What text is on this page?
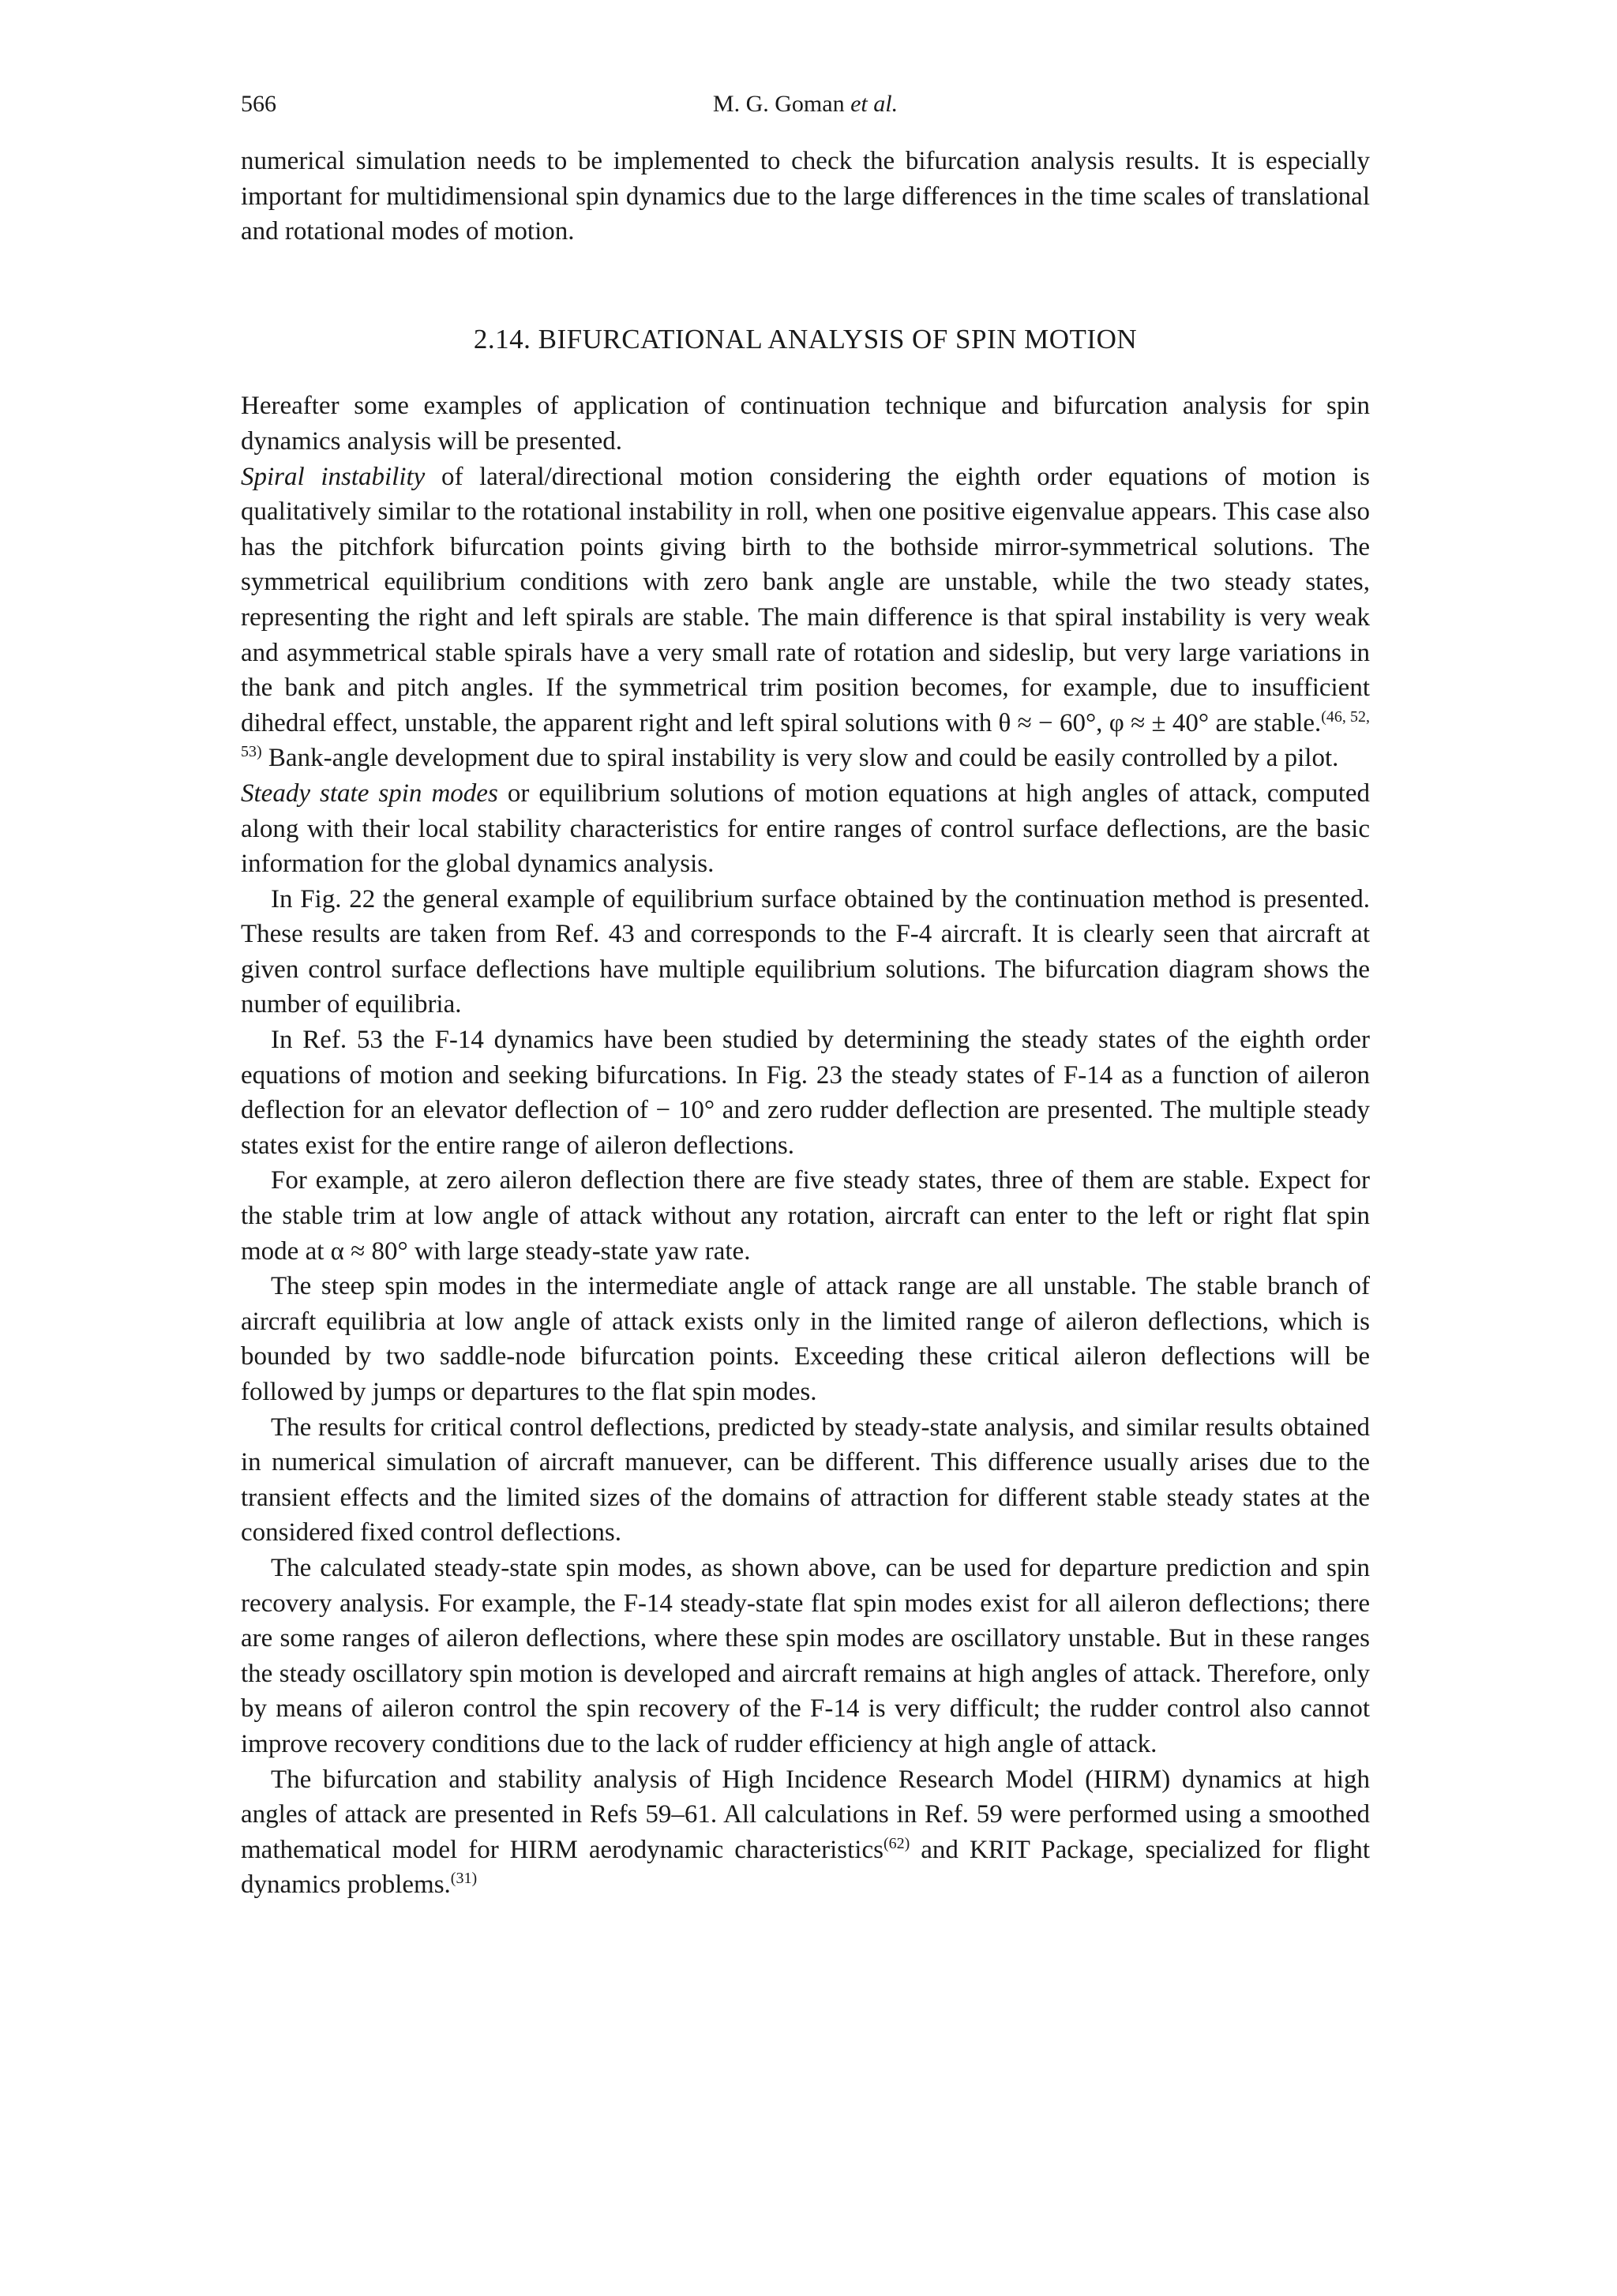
566	M. G. Goman et al.

numerical simulation needs to be implemented to check the bifurcation analysis results. It is especially important for multidimensional spin dynamics due to the large differences in the time scales of translational and rotational modes of motion.

2.14. BIFURCATIONAL ANALYSIS OF SPIN MOTION

Hereafter some examples of application of continuation technique and bifurcation analysis for spin dynamics analysis will be presented.

Spiral instability of lateral/directional motion considering the eighth order equations of motion is qualitatively similar to the rotational instability in roll, when one positive eigenvalue appears. This case also has the pitchfork bifurcation points giving birth to the bothside mirror-symmetrical solutions. The symmetrical equilibrium conditions with zero bank angle are unstable, while the two steady states, representing the right and left spirals are stable. The main difference is that spiral instability is very weak and asymmetrical stable spirals have a very small rate of rotation and sideslip, but very large variations in the bank and pitch angles. If the symmetrical trim position becomes, for example, due to insufficient dihedral effect, unstable, the apparent right and left spiral solutions with θ ≈ − 60°, φ ≈ ± 40° are stable.$^{(46, 52, 53)}$ Bank-angle development due to spiral instability is very slow and could be easily controlled by a pilot.

Steady state spin modes or equilibrium solutions of motion equations at high angles of attack, computed along with their local stability characteristics for entire ranges of control surface deflections, are the basic information for the global dynamics analysis.

In Fig. 22 the general example of equilibrium surface obtained by the continuation method is presented. These results are taken from Ref. 43 and corresponds to the F-4 aircraft. It is clearly seen that aircraft at given control surface deflections have multiple equilibrium solutions. The bifurcation diagram shows the number of equilibria.

In Ref. 53 the F-14 dynamics have been studied by determining the steady states of the eighth order equations of motion and seeking bifurcations. In Fig. 23 the steady states of F-14 as a function of aileron deflection for an elevator deflection of − 10° and zero rudder deflection are presented. The multiple steady states exist for the entire range of aileron deflections.

For example, at zero aileron deflection there are five steady states, three of them are stable. Expect for the stable trim at low angle of attack without any rotation, aircraft can enter to the left or right flat spin mode at α ≈ 80° with large steady-state yaw rate.

The steep spin modes in the intermediate angle of attack range are all unstable. The stable branch of aircraft equilibria at low angle of attack exists only in the limited range of aileron deflections, which is bounded by two saddle-node bifurcation points. Exceeding these critical aileron deflections will be followed by jumps or departures to the flat spin modes.

The results for critical control deflections, predicted by steady-state analysis, and similar results obtained in numerical simulation of aircraft manuever, can be different. This difference usually arises due to the transient effects and the limited sizes of the domains of attraction for different stable steady states at the considered fixed control deflections.

The calculated steady-state spin modes, as shown above, can be used for departure prediction and spin recovery analysis. For example, the F-14 steady-state flat spin modes exist for all aileron deflections; there are some ranges of aileron deflections, where these spin modes are oscillatory unstable. But in these ranges the steady oscillatory spin motion is developed and aircraft remains at high angles of attack. Therefore, only by means of aileron control the spin recovery of the F-14 is very difficult; the rudder control also cannot improve recovery conditions due to the lack of rudder efficiency at high angle of attack.

The bifurcation and stability analysis of High Incidence Research Model (HIRM) dynamics at high angles of attack are presented in Refs 59–61. All calculations in Ref. 59 were performed using a smoothed mathematical model for HIRM aerodynamic characteristics$^{(62)}$ and KRIT Package, specialized for flight dynamics problems.$^{(31)}$
